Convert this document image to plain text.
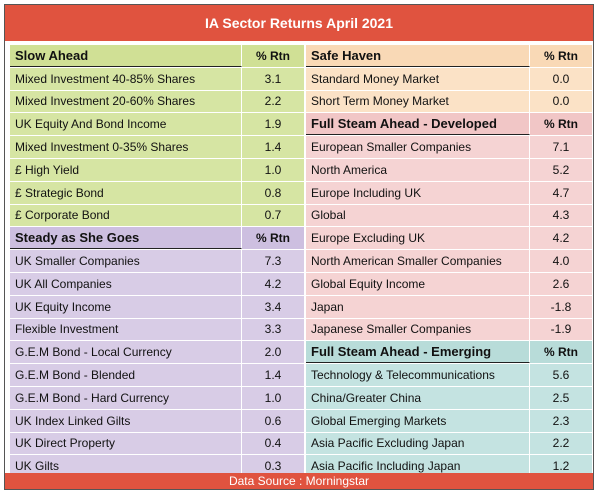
IA Sector Returns April 2021
Slow Ahead	% Rtn
Mixed Investment 40-85% Shares	3.1
Mixed Investment 20-60% Shares	2.2
UK Equity And Bond Income	1.9
Mixed Investment 0-35% Shares	1.4
£ High Yield	1.0
£ Strategic Bond	0.8
£ Corporate Bond	0.7
Steady as She Goes	% Rtn
UK Smaller Companies	7.3
UK All Companies	4.2
UK Equity Income	3.4
Flexible Investment	3.3
G.E.M Bond - Local Currency	2.0
G.E.M Bond - Blended	1.4
G.E.M Bond - Hard Currency	1.0
UK Index Linked Gilts	0.6
UK Direct Property	0.4
UK Gilts	0.3
Safe Haven	% Rtn
Standard Money Market	0.0
Short Term Money Market	0.0
Full Steam Ahead - Developed	% Rtn
European Smaller Companies	7.1
North America	5.2
Europe Including UK	4.7
Global	4.3
Europe Excluding UK	4.2
North American Smaller Companies	4.0
Global Equity Income	2.6
Japan	-1.8
Japanese Smaller Companies	-1.9
Full Steam Ahead - Emerging	% Rtn
Technology & Telecommunications	5.6
China/Greater China	2.5
Global Emerging Markets	2.3
Asia Pacific Excluding Japan	2.2
Asia Pacific Including Japan	1.2
Data Source : Morningstar
